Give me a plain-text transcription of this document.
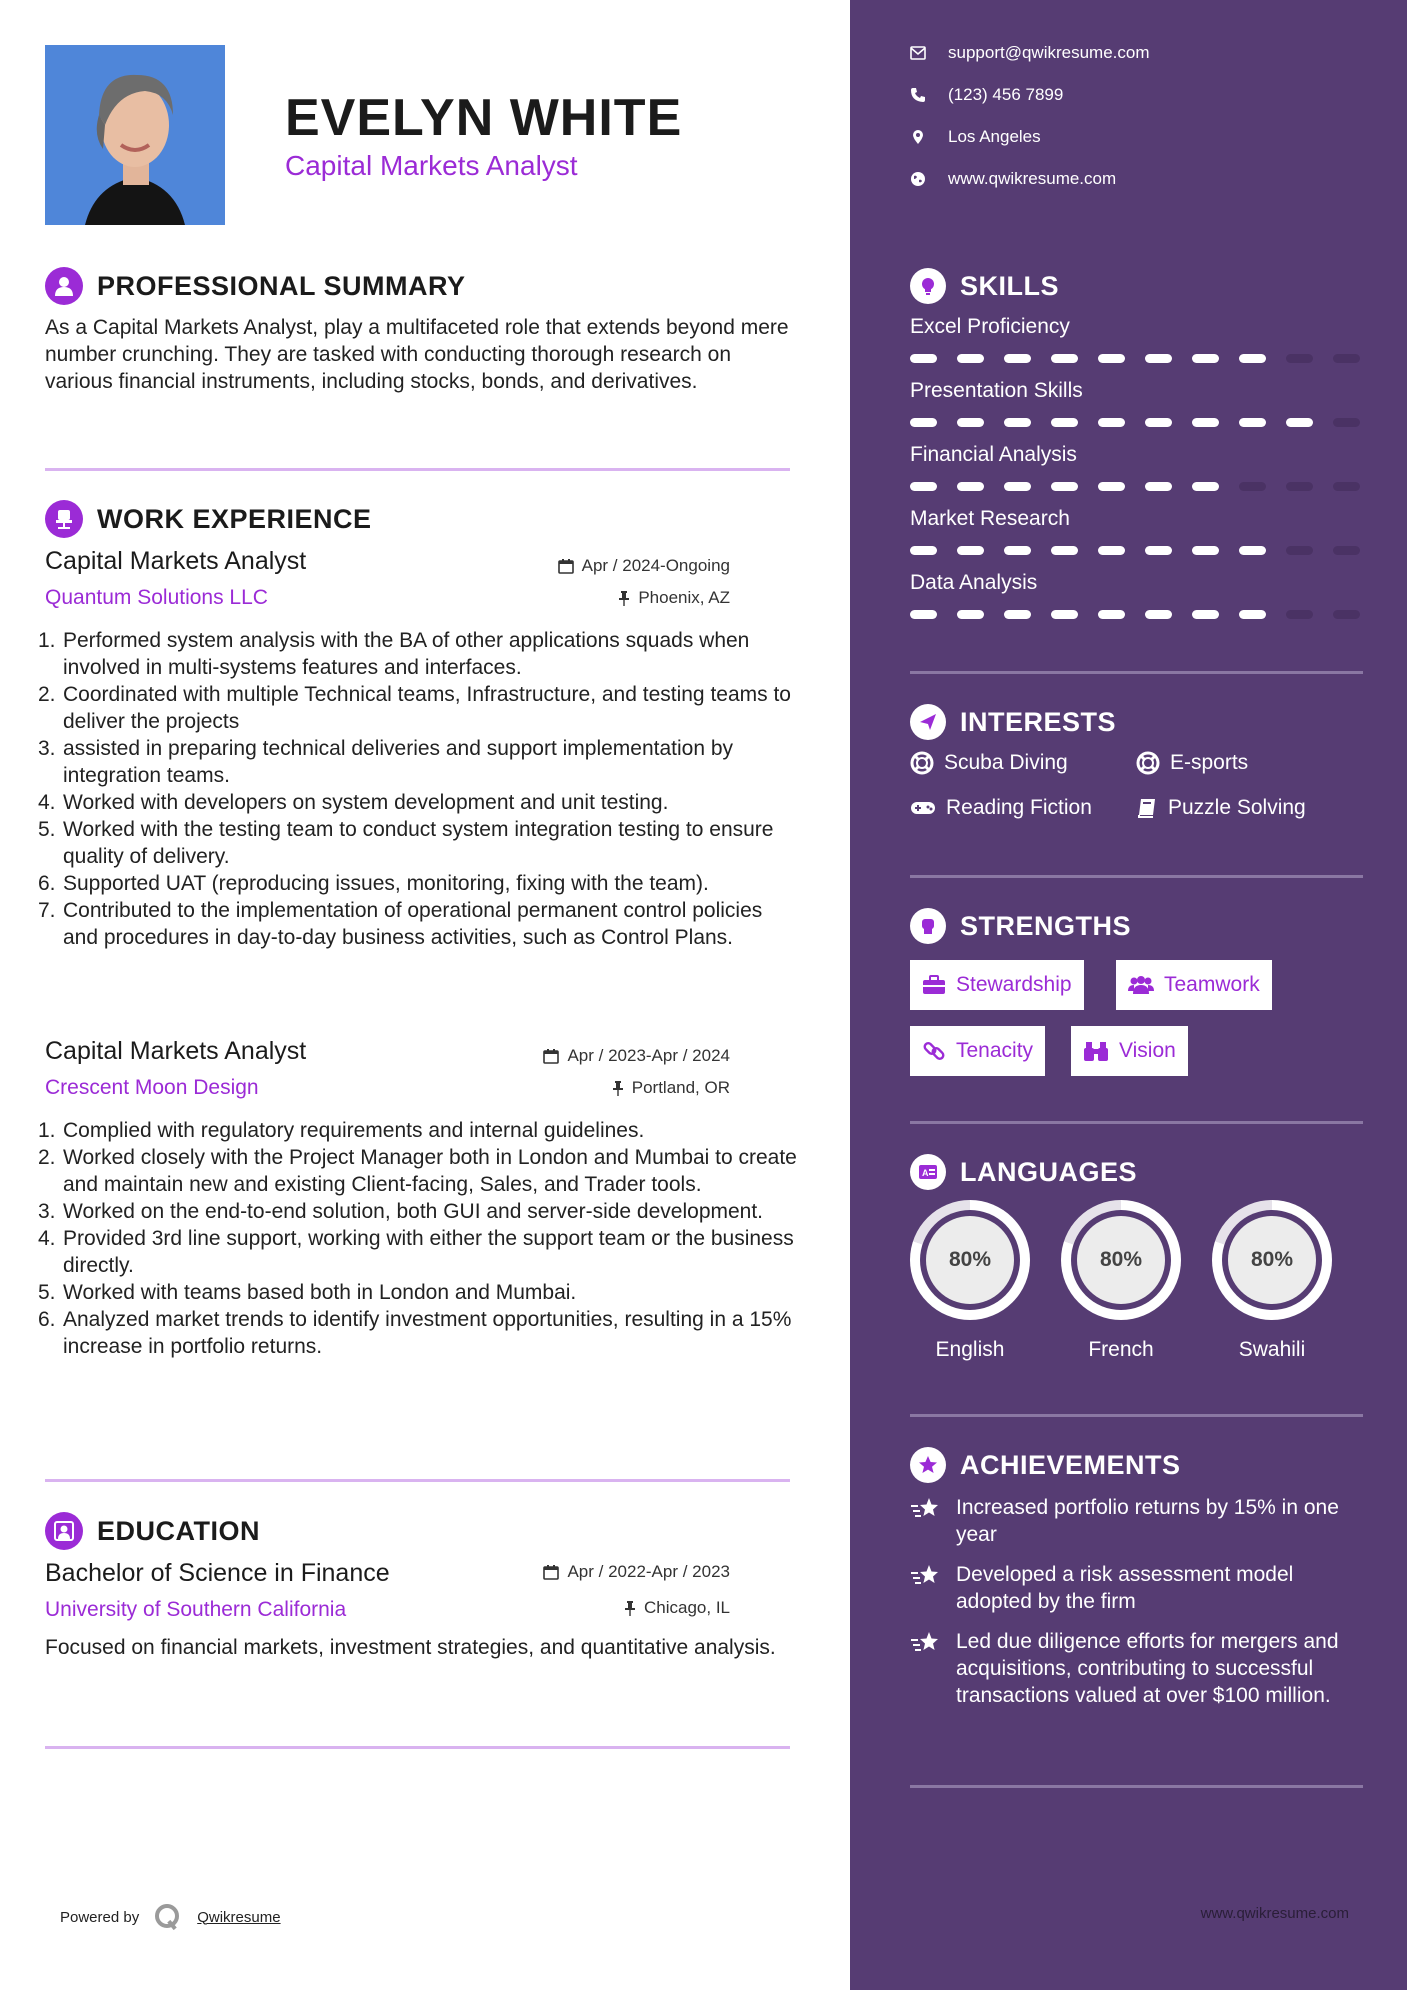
EVELYN WHITE
Capital Markets Analyst
PROFESSIONAL SUMMARY
As a Capital Markets Analyst, play a multifaceted role that extends beyond mere number crunching. They are tasked with conducting thorough research on various financial instruments, including stocks, bonds, and derivatives.
WORK EXPERIENCE
Capital Markets Analyst
Quantum Solutions LLC
Apr / 2024-Ongoing
Phoenix, AZ
1. Performed system analysis with the BA of other applications squads when involved in multi-systems features and interfaces.
2. Coordinated with multiple Technical teams, Infrastructure, and testing teams to deliver the projects
3. assisted in preparing technical deliveries and support implementation by integration teams.
4. Worked with developers on system development and unit testing.
5. Worked with the testing team to conduct system integration testing to ensure quality of delivery.
6. Supported UAT (reproducing issues, monitoring, fixing with the team).
7. Contributed to the implementation of operational permanent control policies and procedures in day-to-day business activities, such as Control Plans.
Capital Markets Analyst
Crescent Moon Design
Apr / 2023-Apr / 2024
Portland, OR
1. Complied with regulatory requirements and internal guidelines.
2. Worked closely with the Project Manager both in London and Mumbai to create and maintain new and existing Client-facing, Sales, and Trader tools.
3. Worked on the end-to-end solution, both GUI and server-side development.
4. Provided 3rd line support, working with either the support team or the business directly.
5. Worked with teams based both in London and Mumbai.
6. Analyzed market trends to identify investment opportunities, resulting in a 15% increase in portfolio returns.
EDUCATION
Bachelor of Science in Finance
University of Southern California
Apr / 2022-Apr / 2023
Chicago, IL
Focused on financial markets, investment strategies, and quantitative analysis.
Powered by	Qwikresume
support@qwikresume.com
(123) 456 7899
Los Angeles
www.qwikresume.com
SKILLS
Excel Proficiency
Presentation Skills
Financial Analysis
Market Research
Data Analysis
INTERESTS
Scuba Diving	E-sports
Reading Fiction	Puzzle Solving
STRENGTHS
Stewardship	Teamwork
Tenacity	Vision
A LANGUAGES
80%
English
80%
French
80%
Swahili
ACHIEVEMENTS
Increased portfolio returns by 15% in one year
Developed a risk assessment model adopted by the firm
Led due diligence efforts for mergers and acquisitions, contributing to successful transactions valued at over $100 million.
www.qwikresume.com
